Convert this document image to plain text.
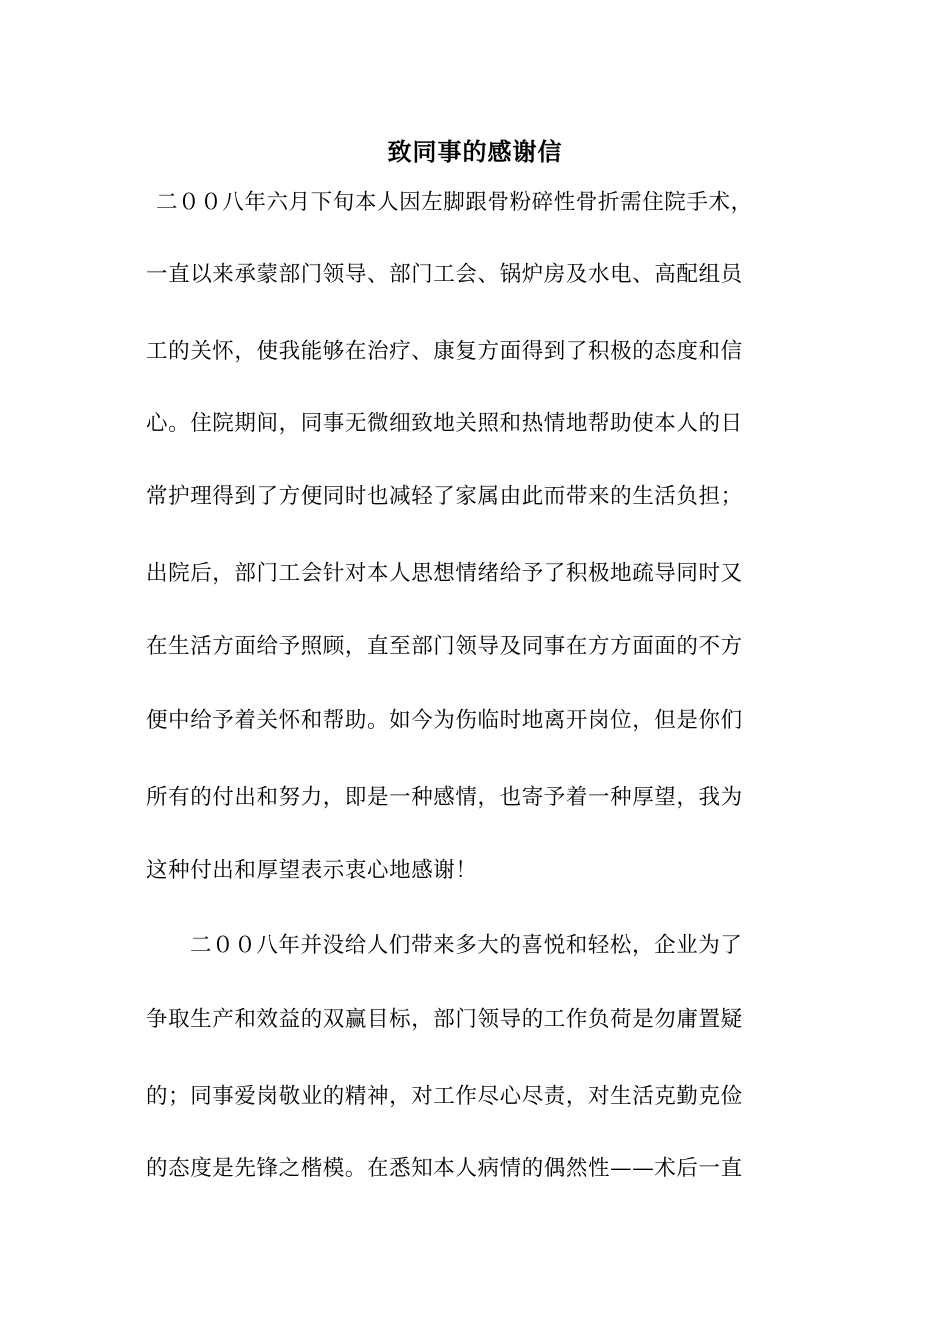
致同事的感谢信
二００八年六月下旬本人因左脚跟骨粉碎性骨折需住院手术，
一直以来承蒙部门领导、部门工会、锅炉房及水电、高配组员
工的关怀，使我能够在治疗、康复方面得到了积极的态度和信
心。住院期间，同事无微细致地关照和热情地帮助使本人的日
常护理得到了方便同时也减轻了家属由此而带来的生活负担；
出院后，部门工会针对本人思想情绪给予了积极地疏导同时又
在生活方面给予照顾，直至部门领导及同事在方方面面的不方
便中给予着关怀和帮助。如今为伤临时地离开岗位，但是你们
所有的付出和努力，即是一种感情，也寄予着一种厚望，我为
这种付出和厚望表示衷心地感谢！
二００八年并没给人们带来多大的喜悦和轻松，企业为了
争取生产和效益的双赢目标，部门领导的工作负荷是勿庸置疑
的；同事爱岗敬业的精神，对工作尽心尽责，对生活克勤克俭
的态度是先锋之楷模。在悉知本人病情的偶然性——术后一直
